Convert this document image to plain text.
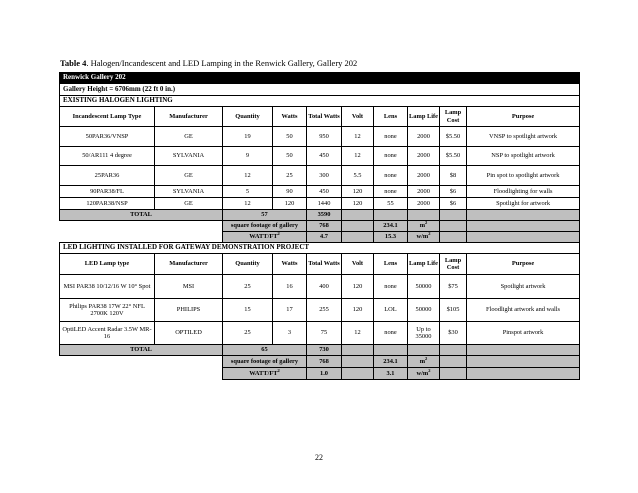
Table 4. Halogen/Incandescent and LED Lamping in the Renwick Gallery, Gallery 202
Renwick Gallery 202									
Gallery Height = 6706mm (22 ft 0 in.)									
EXISTING HALOGEN LIGHTING									
Incandescent Lamp Type	Manufacturer	Quantity	Watts	Total Watts	Volt	Lens	Lamp Life	Lamp Cost	Purpose
50PAR36/VNSP	GE	19	50	950	12	none	2000	$5.50	VNSP to spotlight artwork
50/AR111 4 degree	SYLVANIA	9	50	450	12	none	2000	$5.50	NSP to spotlight artwork
25PAR36	GE	12	25	300	5.5	none	2000	$8	Pin spot to spotlight artwork
90PAR38/FL	SYLVANIA	5	90	450	120	none	2000	$6	Floodlighting for walls
120PAR38/NSP	GE	12	120	1440	120	55	2000	$6	Spotlight for artwork
TOTAL		57		3590					
		square footage of gallery		768		234.1	$m^2$		
		WATT/$FT^2$		4.7		15.3	$w/m^2$		
LED LIGHTING INSTALLED FOR GATEWAY DEMONSTRATION PROJECT									
LED Lamp type	Manufacturer	Quantity	Watts	Total Watts	Volt	Lens	Lamp Life	Lamp Cost	Purpose
MSI PAR38 10/12/16 W 10° Spot	MSI	25	16	400	120	none	50000	$75	Spotlight artwork
Philips PAR38 17W 22° NFL 2700K 120V	PHILIPS	15	17	255	120	LOL	50000	$105	Floodlight artwork and walls
OptiLED Accent Radar 3.5W MR-16	OPTILED	25	3	75	12	none	Up to 35000	$30	Pinspot artwork
TOTAL		65		730					
		square footage of gallery		768		234.1	$m^2$		
		WATT/$FT^2$		1.0		3.1	$w/m^2$		
22
